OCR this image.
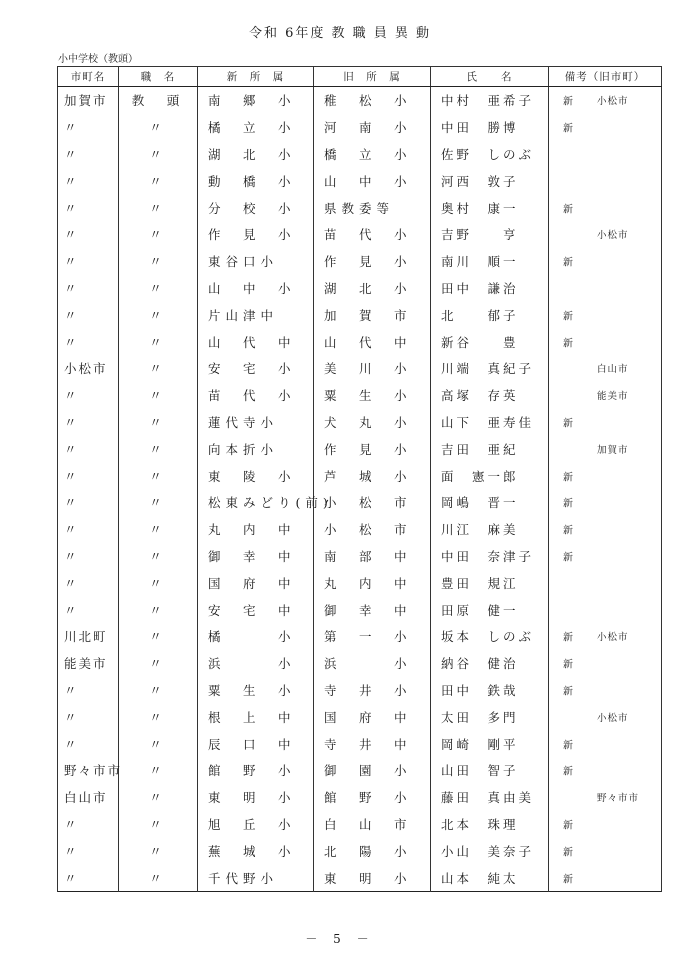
令和 6年度 教 職 員 異 動
小中学校（教頭）
市町名	職　名	新　所　属	旧　所　属	氏　　名	備考（旧市町）
加賀市	教　頭	南　郷　小	稚　松　小	中村　亜希子	新 小松市

〃	〃	橘　立　小	河　南　小	中田　勝博	新

〃	〃	湖　北　小	橋　立　小	佐野　しのぶ	

〃	〃	動　橋　小	山　中　小	河西　敦子	

〃	〃	分　校　小	県教委等	奥村　康一	新

〃	〃	作　見　小	苗　代　小	吉野　　亨	小松市

〃	〃	東谷口小	作　見　小	南川　順一	新

〃	〃	山　中　小	湖　北　小	田中　謙治	

〃	〃	片山津中	加　賀　市	北　　郁子	新

〃	〃	山　代　中	山　代　中	新谷　　豊	新

小松市	〃	安　宅　小	美　川　小	川端　真紀子	白山市

〃	〃	苗　代　小	粟　生　小	高塚　存英	能美市

〃	〃	蓮代寺小	犬　丸　小	山下　亜寿佳	新

〃	〃	向本折小	作　見　小	吉田　亜紀	加賀市

〃	〃	東　陵　小	芦　城　小	面　憲一郎	新

〃	〃	松東みどり(前)	小　松　市	岡嶋　晋一	新

〃	〃	丸　内　中	小　松　市	川江　麻美	新

〃	〃	御　幸　中	南　部　中	中田　奈津子	新

〃	〃	国　府　中	丸　内　中	豊田　規江	

〃	〃	安　宅　中	御　幸　中	田原　健一	

川北町	〃	橘　　　小	第　一　小	坂本　しのぶ	新 小松市

能美市	〃	浜　　　小	浜　　　小	納谷　健治	新

〃	〃	粟　生　小	寺　井　小	田中　鉄哉	新

〃	〃	根　上　中	国　府　中	太田　多門	小松市

〃	〃	辰　口　中	寺　井　中	岡崎　剛平	新

野々市市	〃	館　野　小	御　園　小	山田　智子	新

白山市	〃	東　明　小	館　野　小	藤田　真由美	野々市市

〃	〃	旭　丘　小	白　山　市	北本　珠理	新

〃	〃	蕪　城　小	北　陽　小	小山　美奈子	新

〃	〃	千代野小	東　明　小	山本　純太	新
－ 5 －
